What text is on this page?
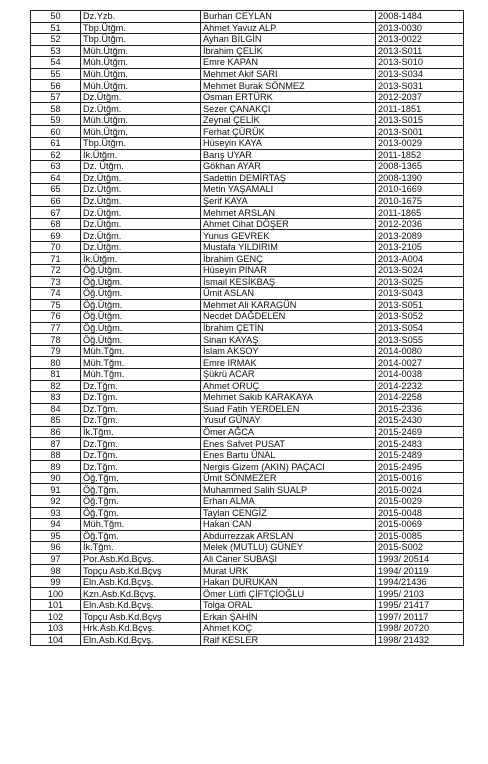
50	Dz.Yzb.	Burhan CEYLAN	2008-1484
51	Tbp.Ütğm.	Ahmet Yavuz ALP	2013-0030
52	Tbp.Ütğm.	Ayhan BİLGİN	2013-0022
53	Müh.Ütğm.	İbrahim ÇELİK	2013-S011
54	Müh.Ütğm.	Emre KAPAN	2013-S010
55	Müh.Ütğm.	Mehmet Akif SARI	2013-S034
56	Müh.Ütğm.	Mehmet Burak SÖNMEZ	2013-S031
57	Dz.Ütğm.	Osman ERTÜRK	2012-2037
58	Dz.Ütğm.	Sezer ÇANAKÇI	2011-1851
59	Müh.Ütğm.	Zeynal ÇELİK	2013-S015
60	Müh.Ütğm.	Ferhat ÇÜRÜK	2013-S001
61	Tbp.Ütğm.	Hüseyin KAYA	2013-0029
62	İk.Ütğm.	Barış UYAR	2011-1852
63	Dz. Ütğm.	Gökhan AYAR	2008-1365
64	Dz.Ütğm.	Sadettin DEMİRTAŞ	2008-1390
65	Dz.Ütğm.	Metin YAŞAMALI	2010-1669
66	Dz.Ütğm.	Şerif KAYA	2010-1675
67	Dz.Ütğm.	Mehmet ARSLAN	2011-1865
68	Dz.Ütğm.	Ahmet Cihat DÖŞER	2012-2036
69	Dz.Ütğm.	Yunus GEVREK	2013-2089
70	Dz.Ütğm.	Mustafa YILDIRIM	2013-2105
71	İk.Ütğm.	İbrahim GENÇ	2013-A004
72	Öğ.Ütğm.	Hüseyin PINAR	2013-S024
73	Öğ.Ütğm.	İsmail KESİKBAŞ	2013-S025
74	Öğ.Ütğm.	Ümit ASLAN	2013-S043
75	Öğ.Ütğm.	Mehmet Ali KARAGÜN	2013-S051
76	Öğ.Ütğm.	Necdet DAĞDELEN	2013-S052
77	Öğ.Ütğm.	İbrahim ÇETİN	2013-S054
78	Öğ.Ütğm.	Sinan KAYAŞ	2013-S055
79	Müh.Tğm.	İslam AKSOY	2014-0080
80	Müh.Tğm.	Emre IRMAK	2014-0027
81	Müh.Tğm.	Şükrü ACAR	2014-0038
82	Dz.Tğm.	Ahmet ORUÇ	2014-2232
83	Dz.Tğm.	Mehmet Sakıb KARAKAYA	2014-2258
84	Dz.Tğm.	Suad Fatih YERDELEN	2015-2336
85	Dz.Tğm.	Yusuf GÜNAY	2015-2430
86	İk.Tğm.	Ömer AĞCA	2015-2469
87	Dz.Tğm.	Enes Safvet PUSAT	2015-2483
88	Dz.Tğm.	Enes Bartu ÜNAL	2015-2489
89	Dz.Tğm.	Nergis Gizem (AKIN) PAÇACI	2015-2495
90	Öğ.Tğm.	Ümit SÖNMEZER	2015-0016
91	Öğ.Tğm.	Muhammed Salih SUALP	2015-0024
92	Öğ.Tğm.	Erhan ALMA	2015-0029
93	Öğ.Tğm.	Taylan CENGİZ	2015-0048
94	Müh.Tğm.	Hakan CAN	2015-0069
95	Öğ.Tğm.	Abdurrezzak ARSLAN	2015-0085
96	İk.Tğm.	Melek (MUTLU) GÜNEY	2015-S002
97	Por.Asb.Kd.Bçvş.	Ali Caner SUBAŞI	1993/ 20514
98	Topçu Asb.Kd.Bçvş	Murat URK	1994/ 20119
99	Eln.Asb.Kd.Bçvş.	Hakan DURUKAN	1994/21436
100	Kzn.Asb.Kd.Bçvş.	Ömer Lütfi ÇİFTÇİOĞLU	1995/ 2103
101	Eln.Asb.Kd.Bçvş.	Tolga ORAL	1995/ 21417
102	Topçu Asb.Kd.Bçvş	Erkan ŞAHİN	1997/ 20117
103	Hrk.Asb.Kd.Bçvş.	Ahmet KOÇ	1998/ 20720
104	Eln.Asb.Kd.Bçvş.	Raif KESLER	1998/ 21432
